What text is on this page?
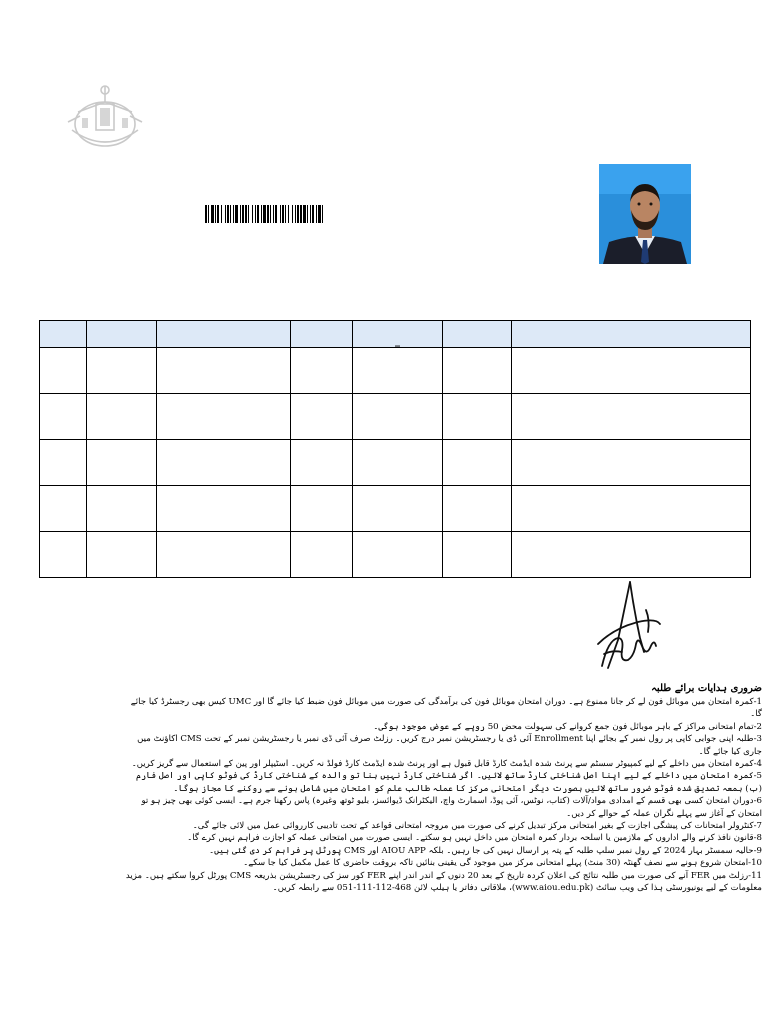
				_		

ضروری ہدایات برائے طلبہ
1-کمرہ امتحان میں موبائل فون لے کر جانا ممنوع ہے۔ دوران امتحان موبائل فون کی برآمدگی کی صورت میں موبائل فون ضبط کیا جائے گا اور UMC کیس بھی رجسٹرڈ کیا جائے گا۔
2-تمام امتحانی مراکز کے باہر موبائل فون جمع کروانے کی سہولت محض 50 روپے کے عوض موجود ہوگی۔
3-طلبہ اپنی جوابی کاپی پر رول نمبر کے بجائے اپنا Enrollment آئی ڈی یا رجسٹریشن نمبر درج کریں۔ رزلٹ صرف آئی ڈی نمبر یا رجسٹریشن نمبر کے تحت CMS اکاؤنٹ میں جاری کیا جائے گا۔
4-کمرہ امتحان میں داخلے کے لیے کمپیوٹر سسٹم سے پرنٹ شدہ ایڈمٹ کارڈ قابل قبول ہے اور پرنٹ شدہ ایڈمٹ کارڈ فولڈ نہ کریں۔ اسٹیپلر اور پین کے استعمال سے گریز کریں۔
5-کمرہ امتحان میں داخلے کے لیے اپنا اصل شناختی کارڈ ساتھ لائیں۔ اگر شناختی کارڈ نہیں بنا تو والدہ کے شناختی کارڈ کی فوٹو کاپی اور اصل فارم (ب) بمعہ تصدیق شدہ فوٹو ضرور ساتھ لائیں بصورت دیگر امتحانی مرکز کا عملہ طالب علم کو امتحان میں شامل ہونے سے روکنے کا مجاز ہوگا۔
6-دوران امتحان کسی بھی قسم کے امدادی مواد/آلات (کتاب، نوٹس، آئی پوڈ، اسمارٹ واچ، الیکٹرانک ڈیوائسز، بلیو ٹوتھ وغیرہ) پاس رکھنا جرم ہے۔ ایسی کوئی بھی چیز ہو تو امتحان کے آغاز سے پہلے نگران عملہ کے حوالے کر دیں۔
7-کنٹرولر امتحانات کی پیشگی اجازت کے بغیر امتحانی مرکز تبدیل کرنے کی صورت میں مروجہ امتحانی قواعد کے تحت تادیبی کارروائی عمل میں لائی جائے گی۔
8-قانون نافذ کرنے والے اداروں کے ملازمین یا اسلحہ بردار کمرہ امتحان میں داخل نہیں ہو سکتے۔ ایسی صورت میں امتحانی عملہ کو اجازت فراہم نہیں کرے گا۔
9-حالیہ سمسٹر بہار 2024 کے رول نمبر سلپ طلبہ کے پتہ پر ارسال نہیں کی جا رہیں۔ بلکہ AIOU APP اور CMS پورٹل پر فراہم کر دی گئی ہیں۔
10-امتحان شروع ہونے سے نصف گھنٹہ (30 منٹ) پہلے امتحانی مرکز میں موجود گی یقینی بنائیں تاکہ بروقت حاضری کا عمل مکمل کیا جا سکے۔
11-رزلٹ میں FER آنے کی صورت میں طلبہ نتائج کی اعلان کردہ تاریخ کے بعد 20 دنوں کے اندر اندر اپنے FER کور سز کی رجسٹریشن بذریعہ CMS پورٹل کروا سکتے ہیں۔ مزید معلومات کے لیے یونیورسٹی ہذا کی ویب سائٹ (www.aiou.edu.pk)، ملاقاتی دفاتر یا ہیلپ لائن 468-112-111-051 سے رابطہ کریں۔
